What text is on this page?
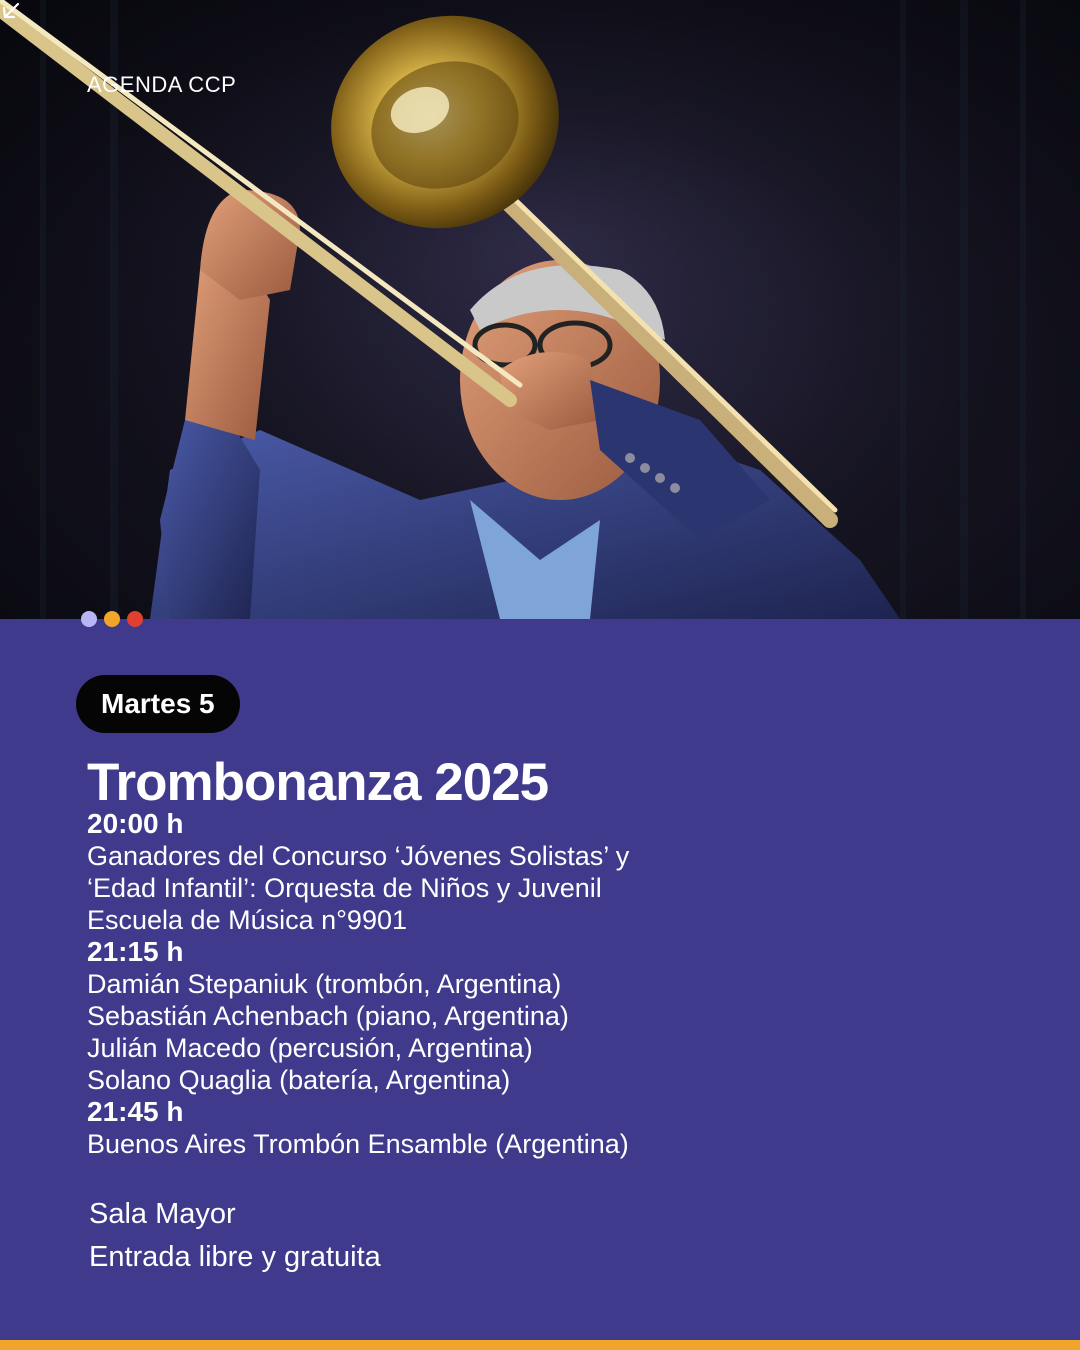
AGENDA CCP
Martes 5
Trombonanza 2025
20:00 h
Ganadores del Concurso ‘Jóvenes Solistas’ y
‘Edad Infantil’: Orquesta de Niños y Juvenil
Escuela de Música n°9901
21:15 h
Damián Stepaniuk (trombón, Argentina)
Sebastián Achenbach (piano, Argentina)
Julián Macedo (percusión, Argentina)
Solano Quaglia (batería, Argentina)
21:45 h
Buenos Aires Trombón Ensamble (Argentina)
Sala Mayor
Entrada libre y gratuita
